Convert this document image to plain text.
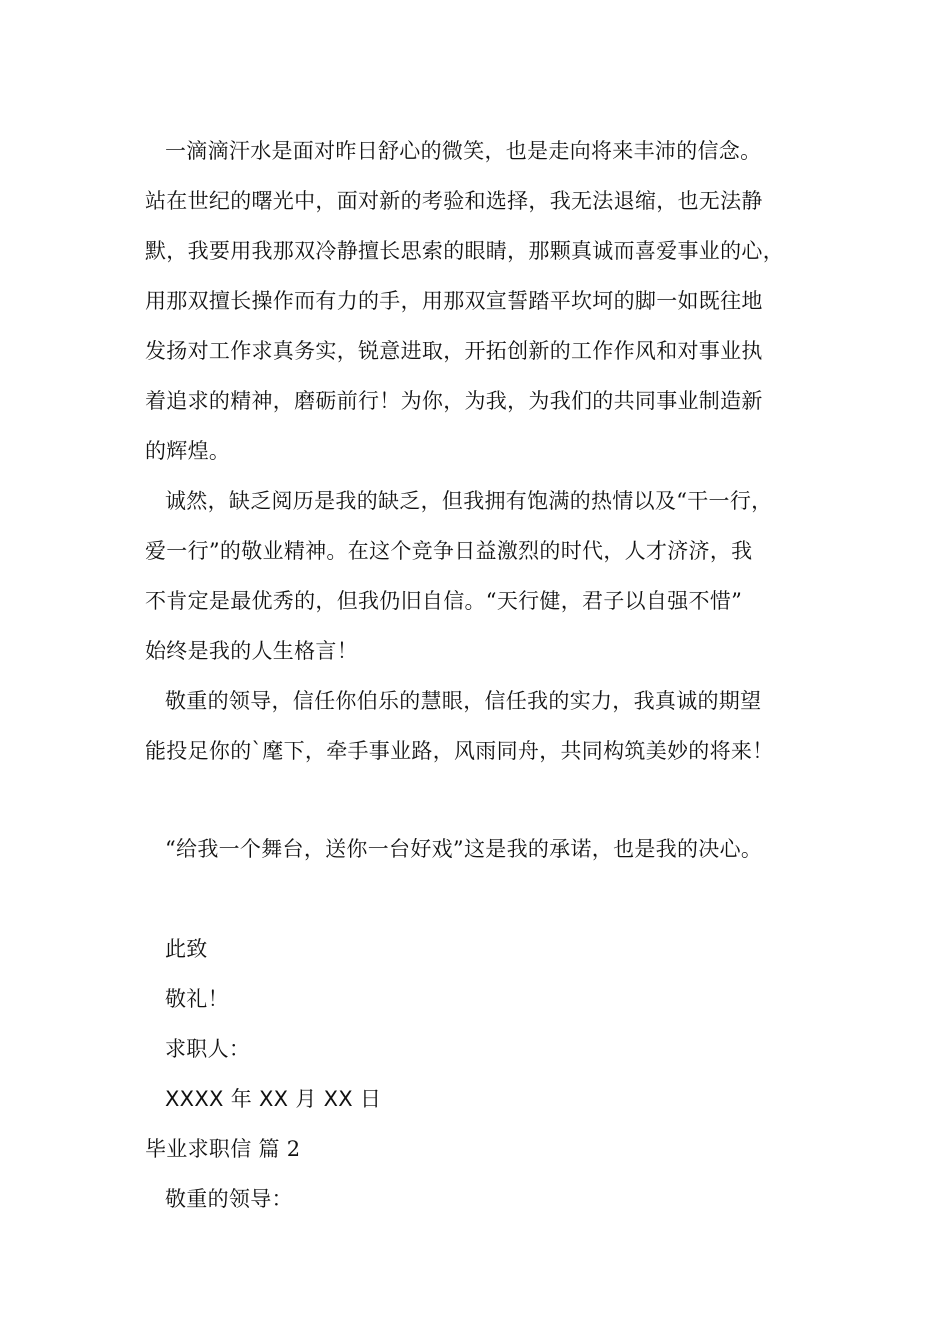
一滴滴汗水是面对昨日舒心的微笑，也是走向将来丰沛的信念。
站在世纪的曙光中，面对新的考验和选择，我无法退缩，也无法静
默，我要用我那双冷静擅长思索的眼睛，那颗真诚而喜爱事业的心，
用那双擅长操作而有力的手，用那双宣誓踏平坎坷的脚一如既往地
发扬对工作求真务实，锐意进取，开拓创新的工作作风和对事业执
着追求的精神，磨砺前行！为你，为我，为我们的共同事业制造新
的辉煌。
诚然，缺乏阅历是我的缺乏，但我拥有饱满的热情以及“干一行，
爱一行”的敬业精神。在这个竞争日益激烈的时代，人才济济，我
不肯定是最优秀的，但我仍旧自信。“天行健，君子以自强不惜”
始终是我的人生格言！
敬重的领导，信任你伯乐的慧眼，信任我的实力，我真诚的期望
能投足你的`麾下，牵手事业路，风雨同舟，共同构筑美妙的将来！
“给我一个舞台，送你一台好戏”这是我的承诺，也是我的决心。
此致
敬礼！
求职人：
XXXX 年 XX 月 XX 日
毕业求职信 篇 2
敬重的领导：
